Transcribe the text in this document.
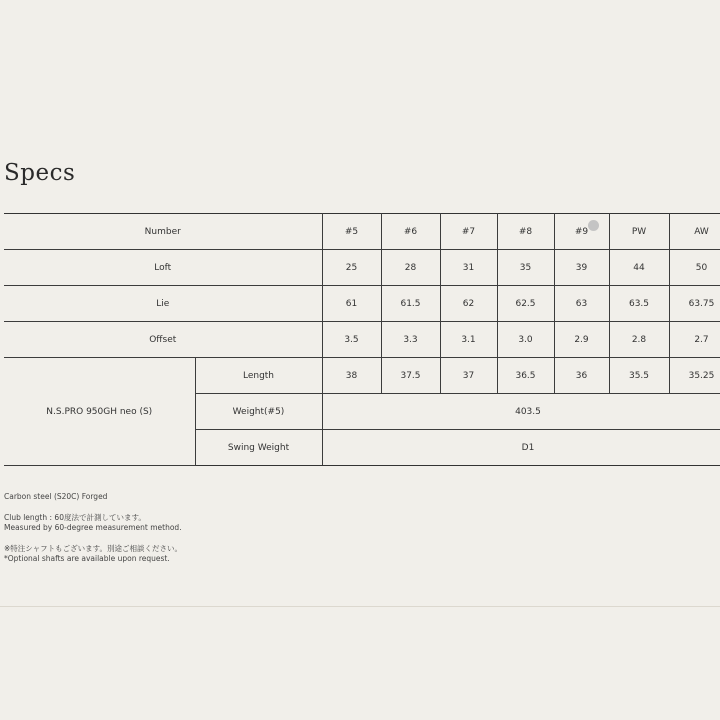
Specs
Number		#5	#6	#7	#8	#9	PW	AW
Loft		25	28	31	35	39	44	50
Lie		61	61.5	62	62.5	63	63.5	63.75
Offset		3.5	3.3	3.1	3.0	2.9	2.8	2.7
N.S.PRO 950GH neo (S)	Length	38	37.5	37	36.5	36	35.5	35.25
	Weight(#5)	403.5						
	Swing Weight	D1						

Carbon steel (S20C) Forged

Club length : 60度法で計測しています。
Measured by 60-degree measurement method.

※特注シャフトもございます。別途ご相談ください。
*Optional shafts are available upon request.
